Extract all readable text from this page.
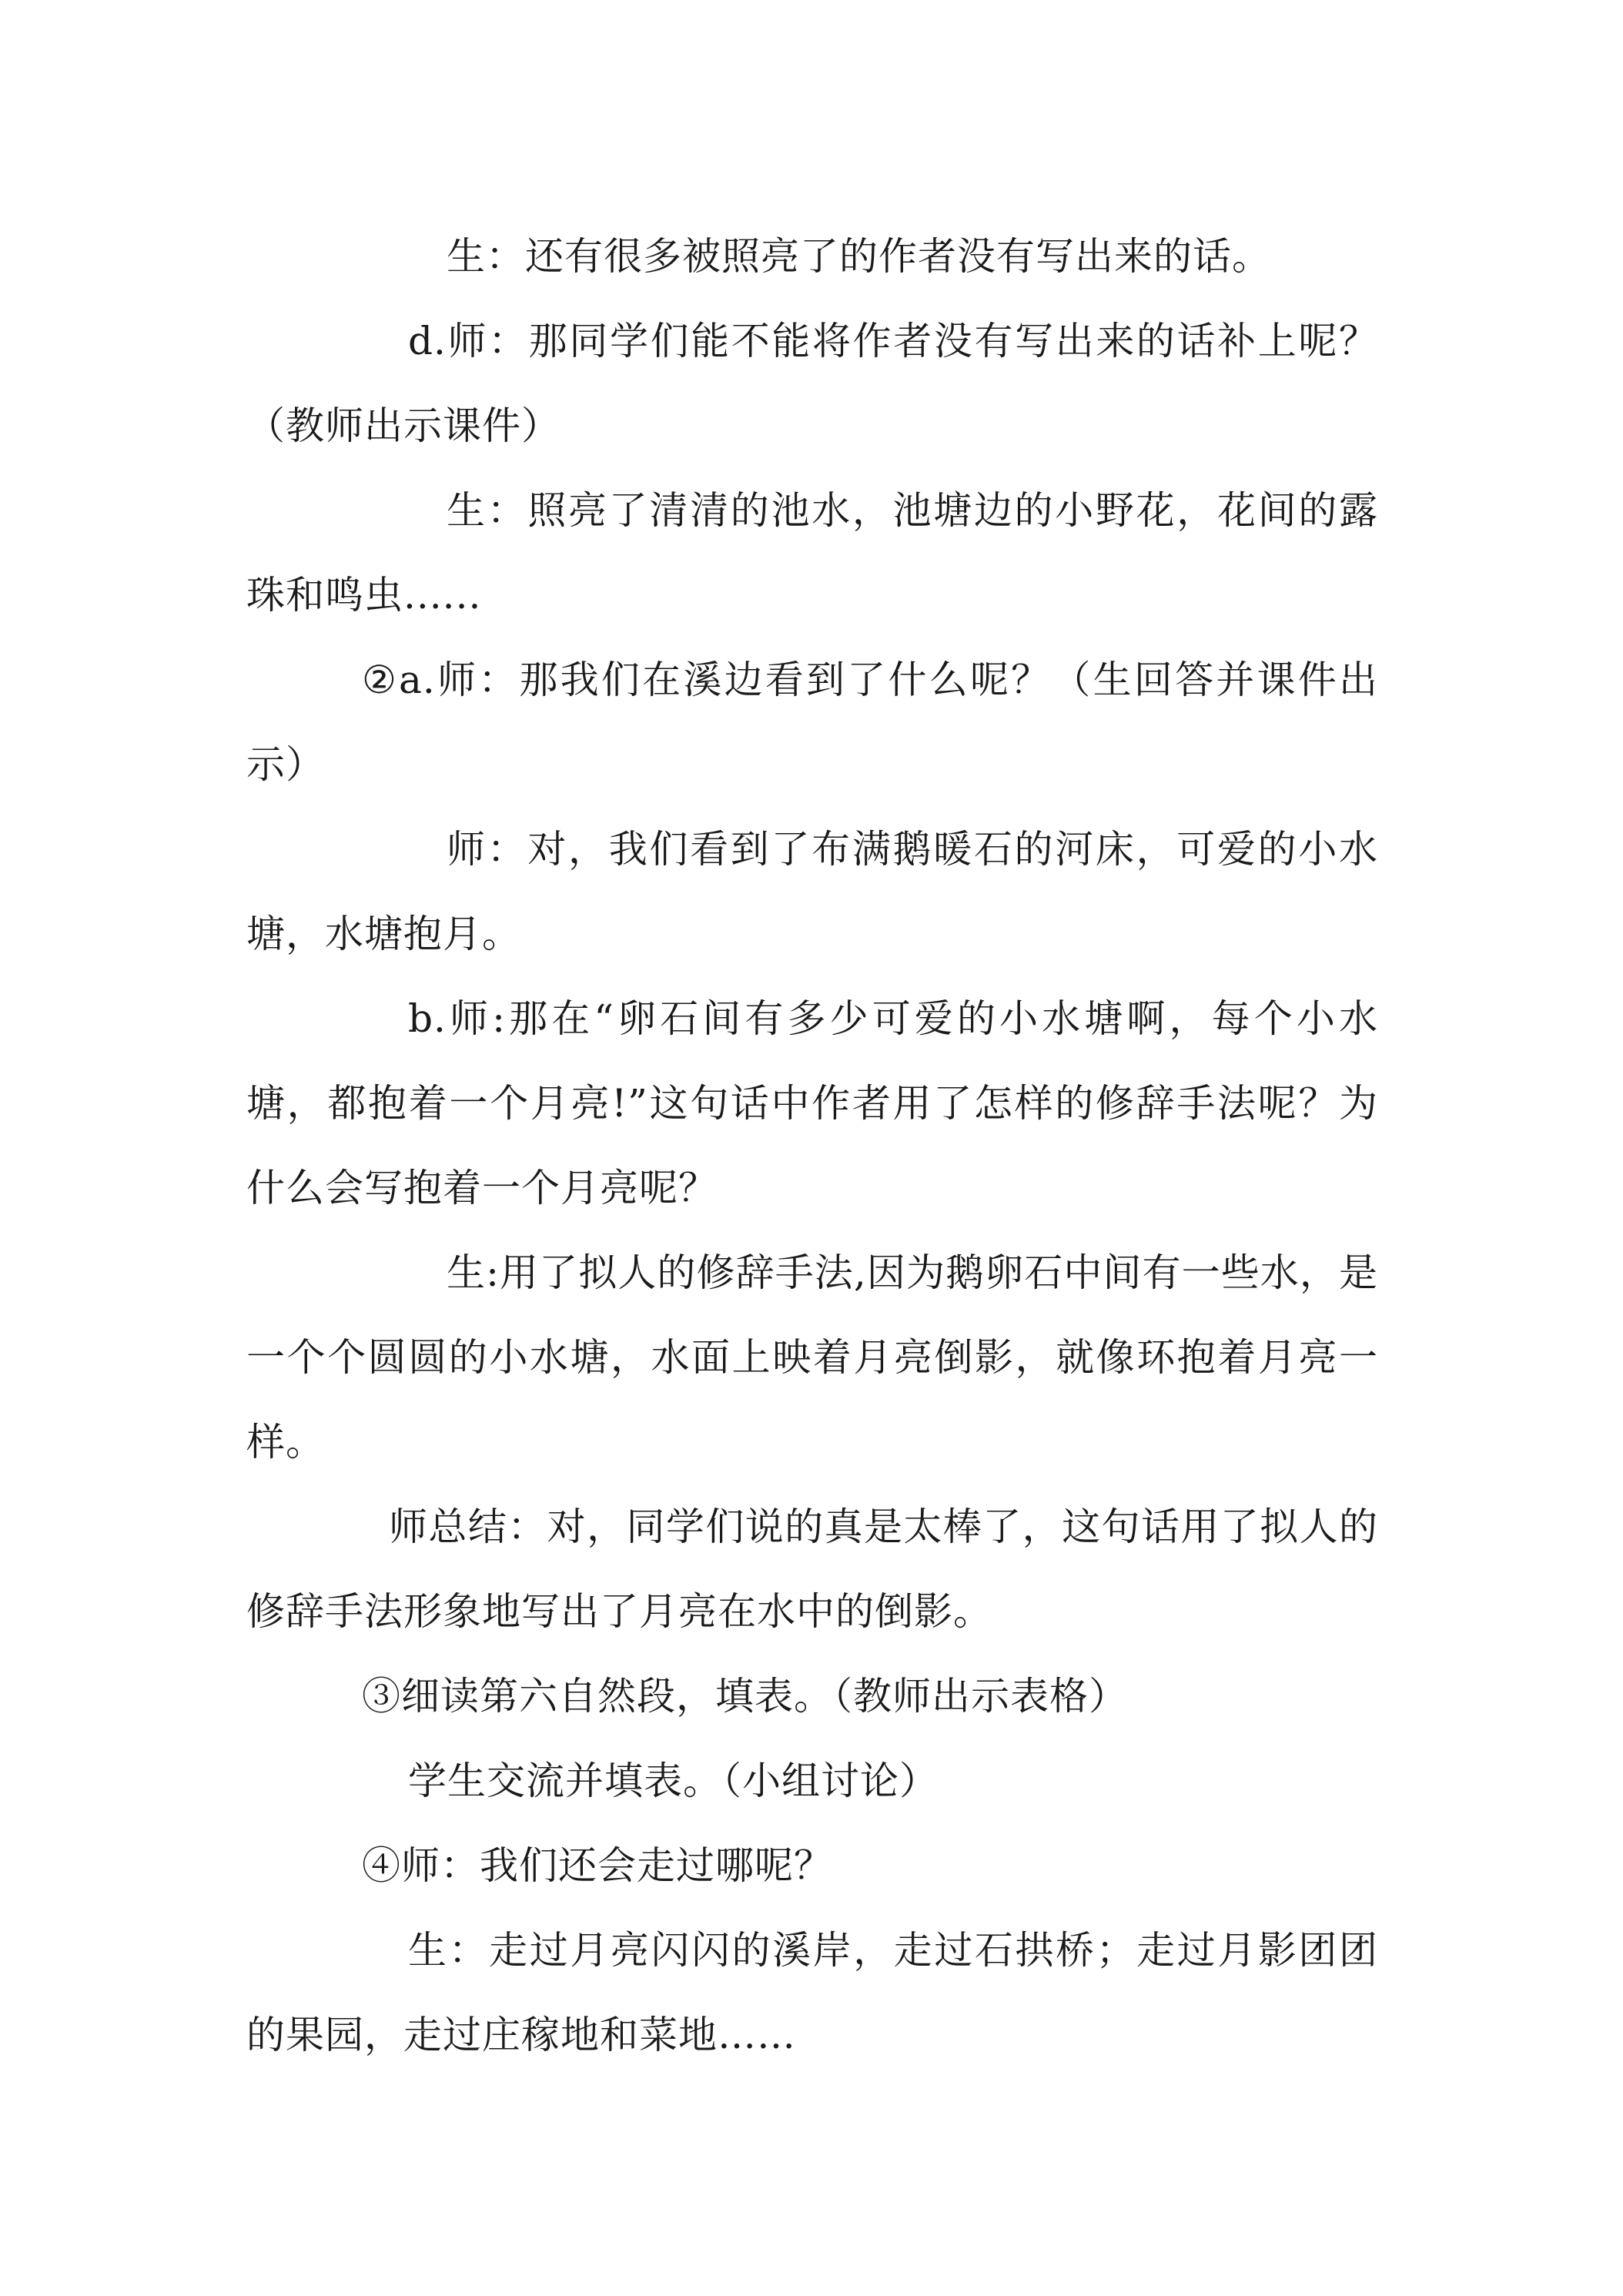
生：还有很多被照亮了的作者没有写出来的话。

d.师：那同学们能不能将作者没有写出来的话补上呢？（教师出示课件）

生：照亮了清清的池水，池塘边的小野花，花间的露珠和鸣虫......

②a.师：那我们在溪边看到了什么呢？（生回答并课件出示）

师：对，我们看到了布满鹅暖石的河床，可爱的小水塘，水塘抱月。

b.师:那在“卵石间有多少可爱的小水塘啊，每个小水塘，都抱着一个月亮!”这句话中作者用了怎样的修辞手法呢？为什么会写抱着一个月亮呢？

生:用了拟人的修辞手法,因为鹅卵石中间有一些水，是一个个圆圆的小水塘，水面上映着月亮倒影，就像环抱着月亮一样。

师总结：对，同学们说的真是太棒了，这句话用了拟人的修辞手法形象地写出了月亮在水中的倒影。

③细读第六自然段，填表。（教师出示表格）

学生交流并填表。（小组讨论）

④师：我们还会走过哪呢？

生：走过月亮闪闪的溪岸，走过石拱桥；走过月影团团的果园，走过庄稼地和菜地……
